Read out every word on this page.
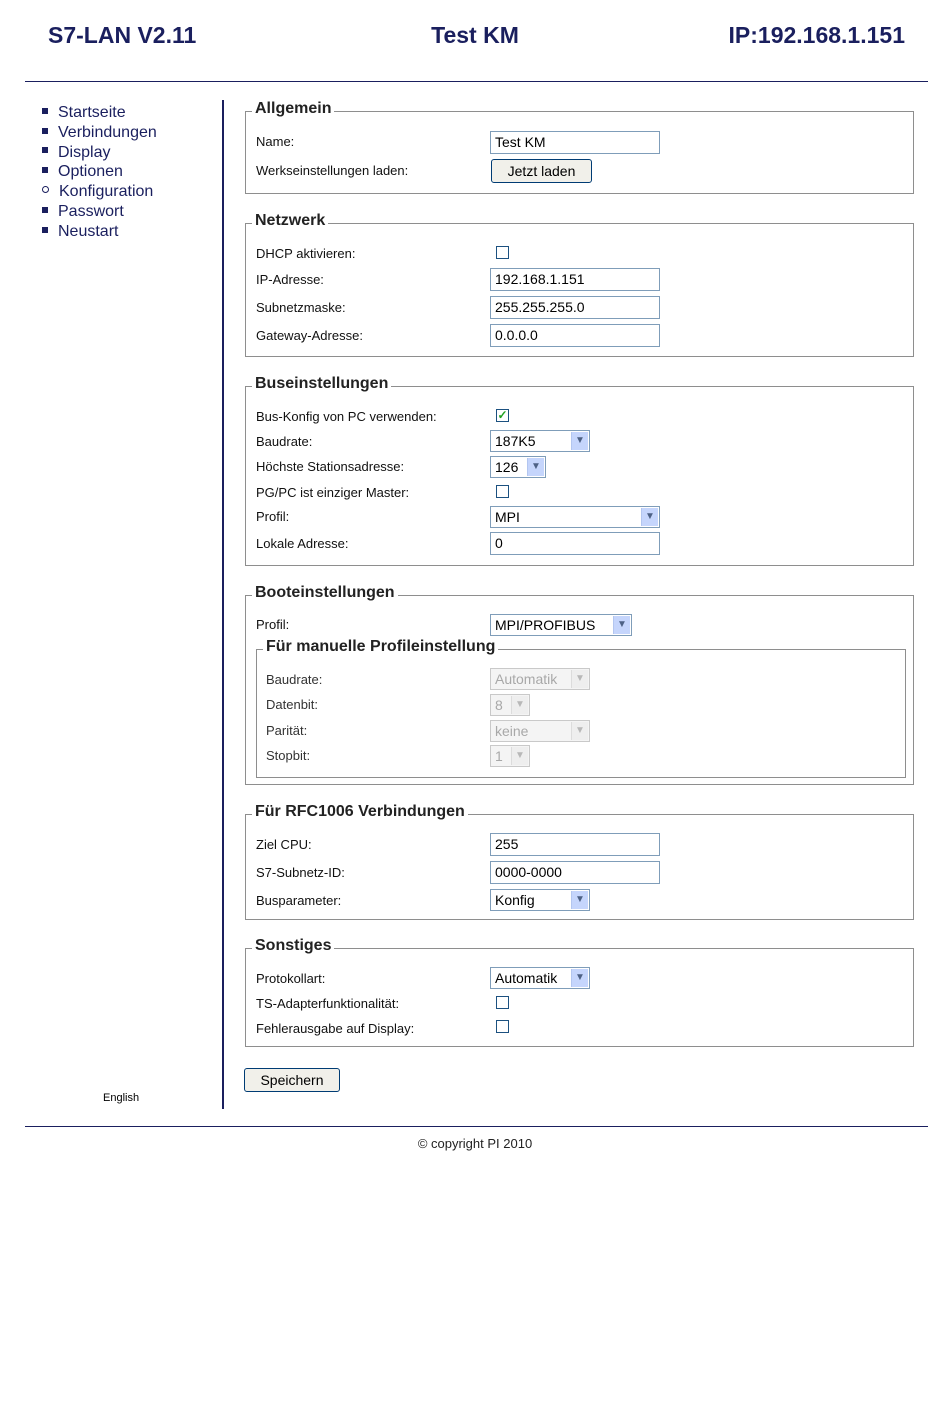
S7-LAN V2.11	Test KM	IP:192.168.1.151
Startseite
Verbindungen
Display
Optionen
Konfiguration
Passwort
Neustart
English
Allgemein
Name:	Test KM
Werkseinstellungen laden:	Jetzt laden
Netzwerk
DHCP aktivieren:
IP-Adresse:	192.168.1.151
Subnetzmaske:	255.255.255.0
Gateway-Adresse:	0.0.0.0
Buseinstellungen
Bus-Konfig von PC verwenden:	✓
Baudrate:	187K5	▼
Höchste Stationsadresse:	126	▼
PG/PC ist einziger Master:
Profil:	MPI	▼
Lokale Adresse:	0
Booteinstellungen
Für manuelle Profileinstellung
Profil:	MPI/PROFIBUS	▼
Baudrate:	Automatik	▼
Datenbit:	8	▼
Parität:	keine	▼
Stopbit:	1	▼
Für RFC1006 Verbindungen
Ziel CPU:	255
S7-Subnetz-ID:	0000-0000
Busparameter:	Konfig	▼
Sonstiges
Protokollart:	Automatik	▼
TS-Adapterfunktionalität:
Fehlerausgabe auf Display:
Speichern
© copyright PI 2010
